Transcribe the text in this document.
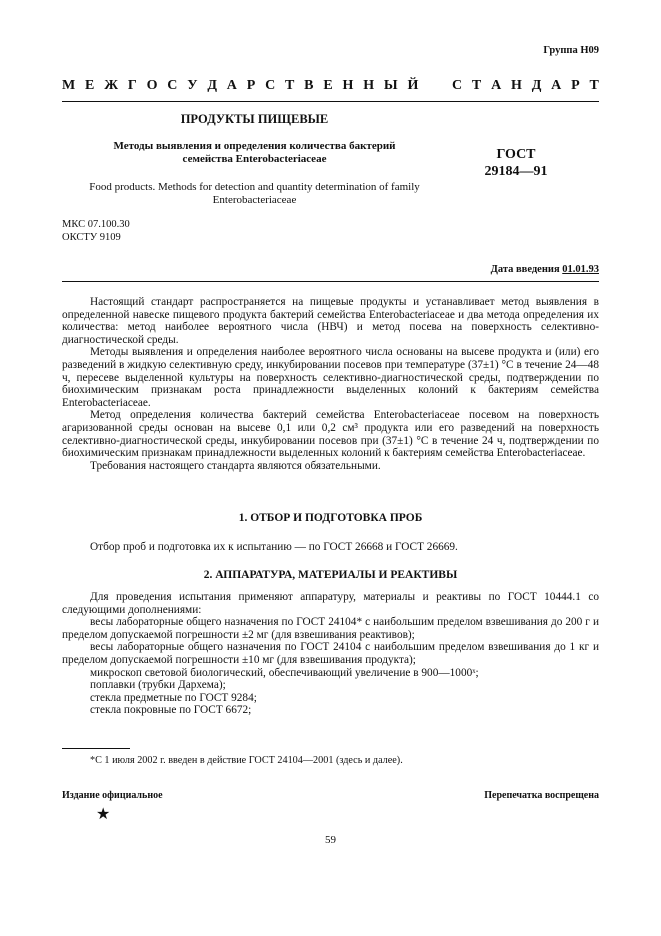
Группа Н09
М Е Ж Г О С У Д А Р С Т В Е Н Н Ы Й С Т А Н Д А Р Т
ПРОДУКТЫ ПИЩЕВЫЕ
Методы выявления и определения количества бактерий
семейства Enterobacteriaceae	ГОСТ
29184—91
Food products. Methods for detection and quantity determination of family
Enterobacteriaceae
МКС 07.100.30
ОКСТУ 9109
Дата введения 01.01.93

Настоящий стандарт распространяется на пищевые продукты и устанавливает метод выявления в определенной навеске пищевого продукта бактерий семейства Enterobacteriaceae и два метода определения их количества: метод наиболее вероятного числа (НВЧ) и метод посева на поверхность селективно-диагностической среды.

Методы выявления и определения наиболее вероятного числа основаны на высеве продукта и (или) его разведений в жидкую селективную среду, инкубировании посевов при температуре (37±1) °С в течение 24—48 ч, пересеве выделенной культуры на поверхность селективно-диагностической среды, подтверждении по биохимическим признакам роста принадлежности выделенных колоний к бактериям семейства Enterobacteriaceae.

Метод определения количества бактерий семейства Enterobacteriaceae посевом на поверхность агаризованной среды основан на высеве 0,1 или 0,2 см³ продукта или его разведений на поверхность селективно-диагностической среды, инкубировании посевов при (37±1) °С в течение 24 ч, подтверждении по биохимическим признакам принадлежности выделенных колоний к бактериям семейства Enterobacteriaceae.

Требования настоящего стандарта являются обязательными.

1. ОТБОР И ПОДГОТОВКА ПРОБ

Отбор проб и подготовка их к испытанию — по ГОСТ 26668 и ГОСТ 26669.

2. АППАРАТУРА, МАТЕРИАЛЫ И РЕАКТИВЫ

Для проведения испытания применяют аппаратуру, материалы и реактивы по ГОСТ 10444.1 со следующими дополнениями:

весы лабораторные общего назначения по ГОСТ 24104* с наибольшим пределом взвешивания до 200 г и пределом допускаемой погрешности ±2 мг (для взвешивания реактивов);

весы лабораторные общего назначения по ГОСТ 24104 с наибольшим пределом взвешивания до 1 кг и пределом допускаемой погрешности ±10 мг (для взвешивания продукта);

микроскоп световой биологический, обеспечивающий увеличение в 900—1000ˣ;

поплавки (трубки Дархема);

стекла предметные по ГОСТ 9284;

стекла покровные по ГОСТ 6672;

*С 1 июля 2002 г. введен в действие ГОСТ 24104—2001 (здесь и далее).
Издание официальное	Перепечатка воспрещена
★
59
